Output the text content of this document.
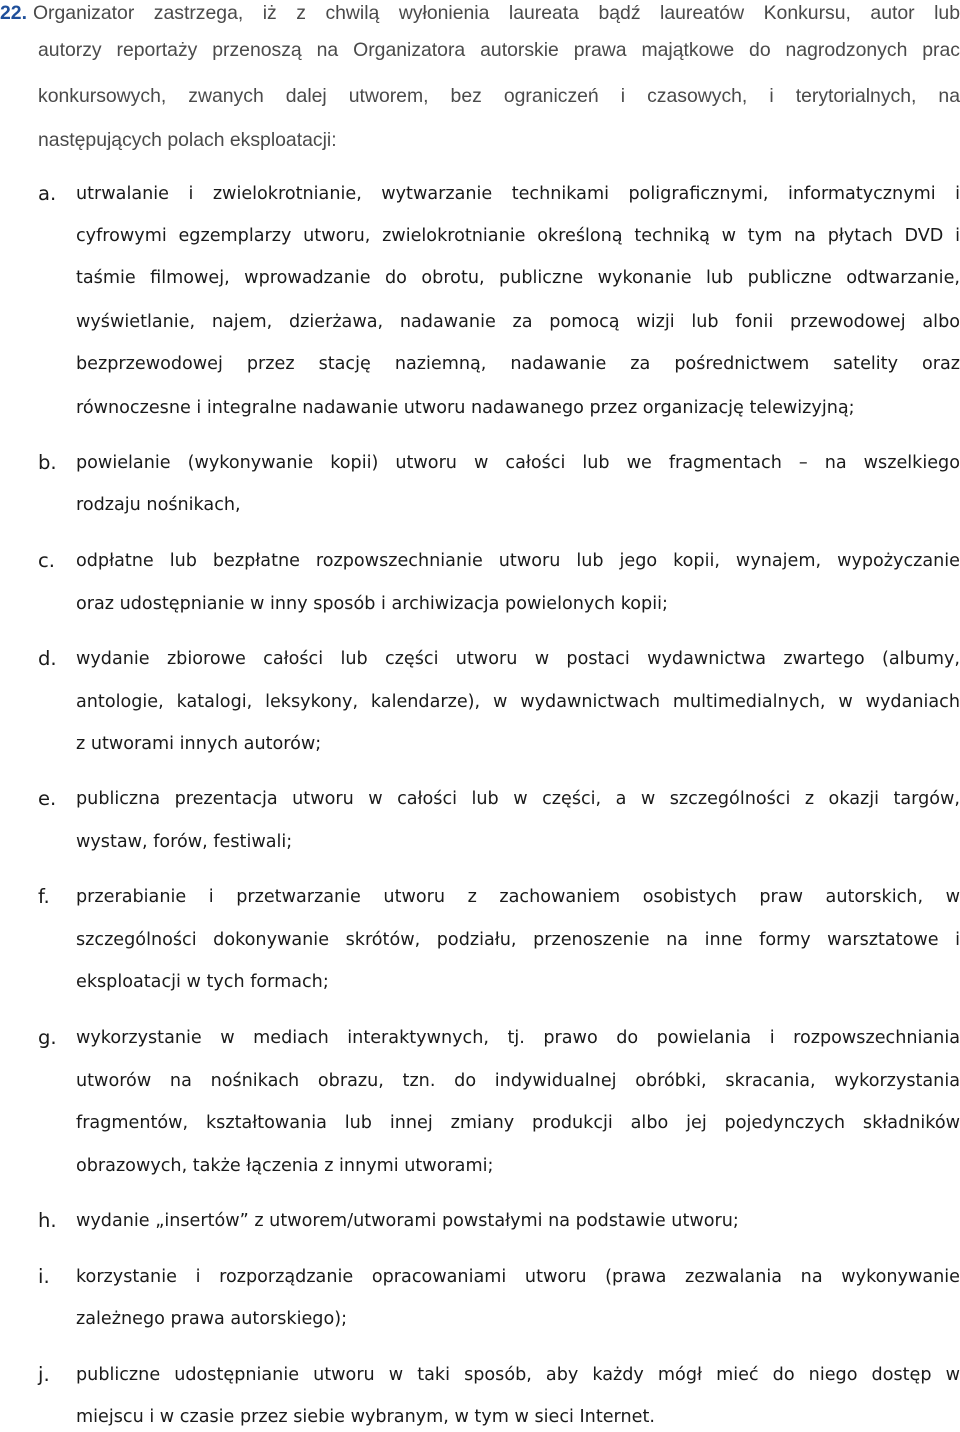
22. Organizator zastrzega, iż z chwilą wyłonienia laureata bądź laureatów Konkursu, autor lub
autorzy reportaży przenoszą na Organizatora autorskie prawa majątkowe do nagrodzonych prac
konkursowych, zwanych dalej utworem, bez ograniczeń i czasowych, i terytorialnych, na
następujących polach eksploatacji:
a. utrwalanie i zwielokrotnianie, wytwarzanie technikami poligraficznymi, informatycznymi i
cyfrowymi egzemplarzy utworu, zwielokrotnianie określoną techniką w tym na płytach DVD i
taśmie filmowej, wprowadzanie do obrotu, publiczne wykonanie lub publiczne odtwarzanie,
wyświetlanie, najem, dzierżawa, nadawanie za pomocą wizji lub fonii przewodowej albo
bezprzewodowej przez stację naziemną, nadawanie za pośrednictwem satelity oraz
równoczesne i integralne nadawanie utworu nadawanego przez organizację telewizyjną;
b. powielanie (wykonywanie kopii) utworu w całości lub we fragmentach – na wszelkiego
rodzaju nośnikach,
c. odpłatne lub bezpłatne rozpowszechnianie utworu lub jego kopii, wynajem, wypożyczanie
oraz udostępnianie w inny sposób i archiwizacja powielonych kopii;
d. wydanie zbiorowe całości lub części utworu w postaci wydawnictwa zwartego (albumy,
antologie, katalogi, leksykony, kalendarze), w wydawnictwach multimedialnych, w wydaniach
z utworami innych autorów;
e. publiczna prezentacja utworu w całości lub w części, a w szczególności z okazji targów,
wystaw, forów, festiwali;
f. przerabianie i przetwarzanie utworu z zachowaniem osobistych praw autorskich, w
szczególności dokonywanie skrótów, podziału, przenoszenie na inne formy warsztatowe i
eksploatacji w tych formach;
g. wykorzystanie w mediach interaktywnych, tj. prawo do powielania i rozpowszechniania
utworów na nośnikach obrazu, tzn. do indywidualnej obróbki, skracania, wykorzystania
fragmentów, kształtowania lub innej zmiany produkcji albo jej pojedynczych składników
obrazowych, także łączenia z innymi utworami;
h. wydanie „insertów” z utworem/utworami powstałymi na podstawie utworu;
i. korzystanie i rozporządzanie opracowaniami utworu (prawa zezwalania na wykonywanie
zależnego prawa autorskiego);
j. publiczne udostępnianie utworu w taki sposób, aby każdy mógł mieć do niego dostęp w
miejscu i w czasie przez siebie wybranym, w tym w sieci Internet.
